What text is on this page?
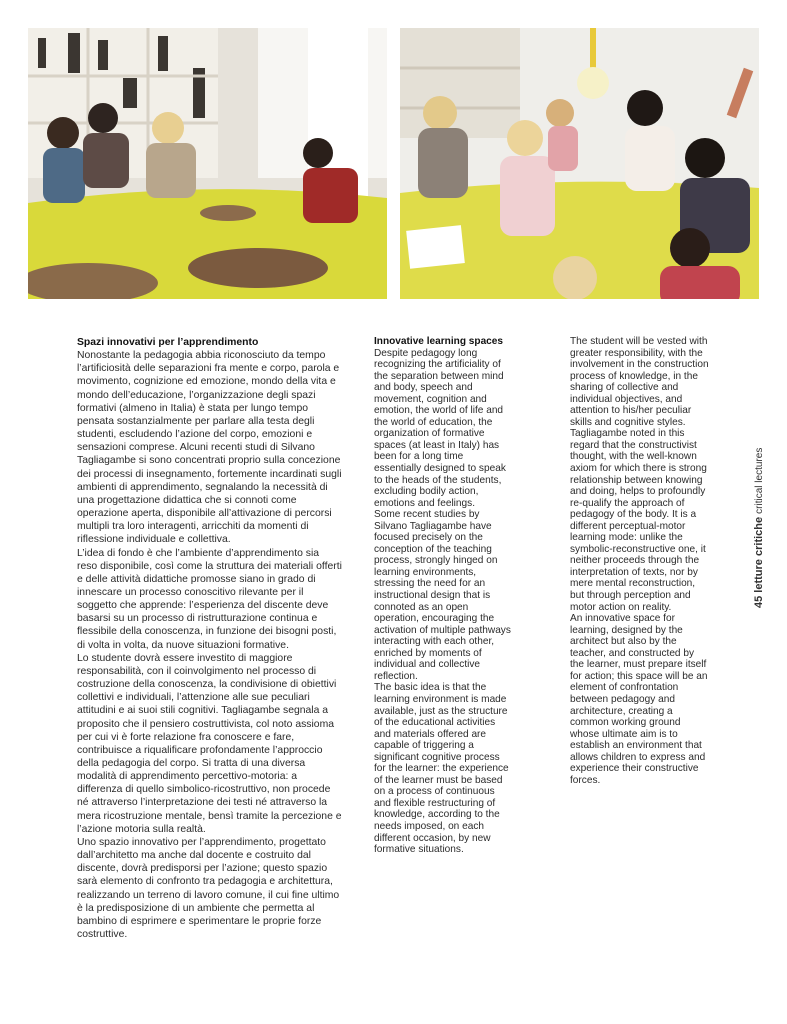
Spazi innovativi per l’apprendimento

Nonostante la pedagogia abbia riconosciuto da tempo l’artificiosità delle separazioni fra mente e corpo, parola e movimento, cognizione ed emozione, mondo della vita e mondo dell’educazione, l’organizzazione degli spazi formativi (almeno in Italia) è stata per lungo tempo pensata sostanzialmente per parlare alla testa degli studenti, escludendo l’azione del corpo, emozioni e sensazioni comprese. Alcuni recenti studi di Silvano Tagliagambe si sono concentrati proprio sulla concezione dei processi di insegnamento, fortemente incardinati sugli ambienti di apprendimento, segnalando la necessità di una progettazione didattica che si connoti come operazione aperta, disponibile all’attivazione di percorsi multipli tra loro interagenti, arricchiti da momenti di riflessione individuale e collettiva.

L’idea di fondo è che l’ambiente d’apprendimento sia reso disponibile, così come la struttura dei materiali offerti e delle attività didattiche promosse siano in grado di innescare un processo conoscitivo rilevante per il soggetto che apprende: l’esperienza del discente deve basarsi su un processo di ristrutturazione continua e flessibile della conoscenza, in funzione dei bisogni posti, di volta in volta, da nuove situazioni formative.

Lo studente dovrà essere investito di maggiore responsabilità, con il coinvolgimento nel processo di costruzione della conoscenza, la condivisione di obiettivi collettivi e individuali, l’attenzione alle sue peculiari attitudini e ai suoi stili cognitivi. Tagliagambe segnala a proposito che il pensiero costruttivista, col noto assioma per cui vi è forte relazione fra conoscere e fare, contribuisce a riqualificare profondamente l’approccio della pedagogia del corpo. Si tratta di una diversa modalità di apprendimento percettivo-motoria: a differenza di quello simbolico-ricostruttivo, non procede né attraverso l’interpretazione dei testi né attraverso la mera ricostruzione mentale, bensì tramite la percezione e l’azione motoria sulla realtà.

Uno spazio innovativo per l’apprendimento, progettato dall’architetto ma anche dal docente e costruito dal discente, dovrà predisporsi per l’azione; questo spazio sarà elemento di confronto tra pedagogia e architettura, realizzando un terreno di lavoro comune, il cui fine ultimo è la predisposizione di un ambiente che permetta al bambino di esprimere e sperimentare le proprie forze costruttive.

Innovative learning spaces

Despite pedagogy long recognizing the artificiality of the separation between mind and body, speech and movement, cognition and emotion, the world of life and the world of education, the organization of formative spaces (at least in Italy) has been for a long time essentially designed to speak to the heads of the students, excluding bodily action, emotions and feelings.

Some recent studies by Silvano Tagliagambe have focused precisely on the conception of the teaching process, strongly hinged on learning environments, stressing the need for an instructional design that is connoted as an open operation, encouraging the activation of multiple pathways interacting with each other, enriched by moments of individual and collective reflection.

The basic idea is that the learning environment is made available, just as the structure of the educational activities and materials offered are capable of triggering a significant cognitive process for the learner: the experience of the learner must be based on a process of continuous and flexible restructuring of knowledge, according to the needs imposed, on each different occasion, by new formative situations.

The student will be vested with greater responsibility, with the involvement in the construction process of knowledge, in the sharing of collective and individual objectives, and attention to his/her peculiar skills and cognitive styles. Tagliagambe noted in this regard that the constructivist thought, with the well-known axiom for which there is strong relationship between knowing and doing, helps to profoundly re-qualify the approach of pedagogy of the body. It is a different perceptual-motor learning mode: unlike the symbolic-reconstructive one, it neither proceeds through the interpretation of texts, nor by mere mental reconstruction, but through perception and motor action on reality.

An innovative space for learning, designed by the architect but also by the teacher, and constructed by the learner, must prepare itself for action; this space will be an element of confrontation between pedagogy and architecture, creating a common working ground whose ultimate aim is to establish an environment that allows children to express and experience their constructive forces.

45 letture critiche critical lectures
